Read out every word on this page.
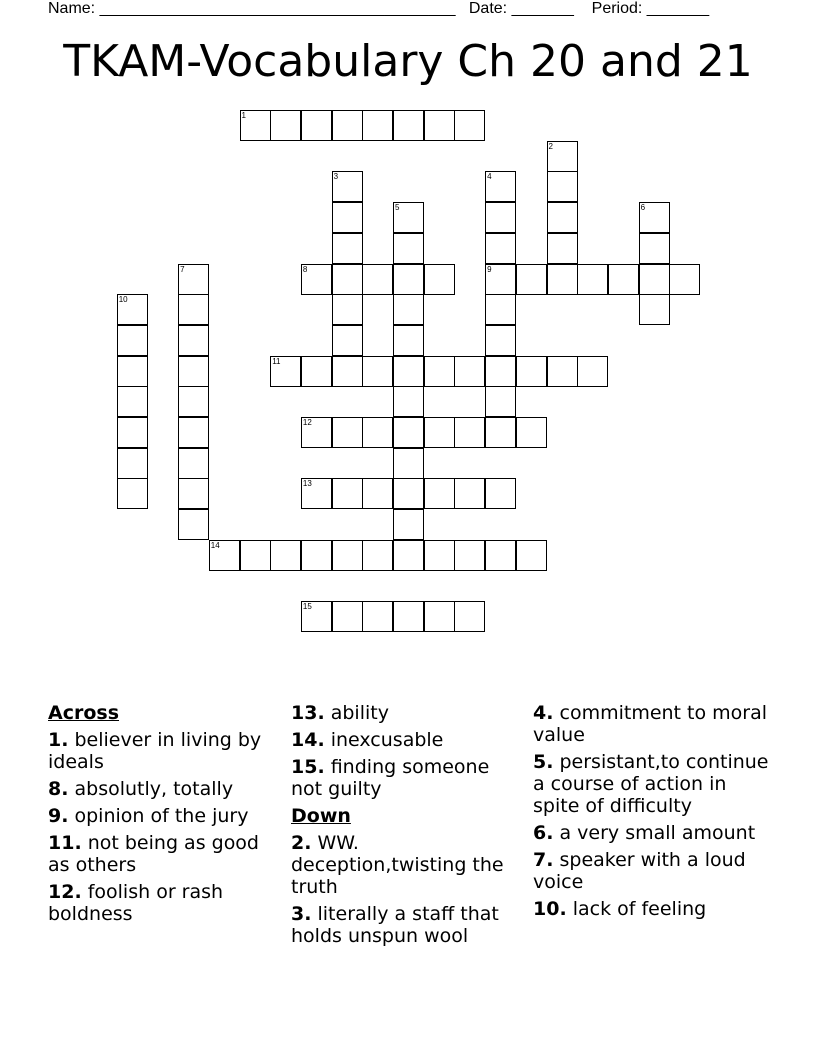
Name: ________________________________________ Date: _______ Period: _______
TKAM-Vocabulary Ch 20 and 21
1
2
3	4
9
5	6
7	8
10
11
12
13
14
15
Across
1. believer in living by ideals
8. absolutly, totally
9. opinion of the jury
11. not being as good as others
12. foolish or rash boldness
13. ability
14. inexcusable
15. finding someone not guilty
Down
2. WW. deception,twisting the truth
3. literally a staff that holds unspun wool
4. commitment to moral value
5. persistant,to continue a course of action in spite of difficulty
6. a very small amount
7. speaker with a loud voice
10. lack of feeling
